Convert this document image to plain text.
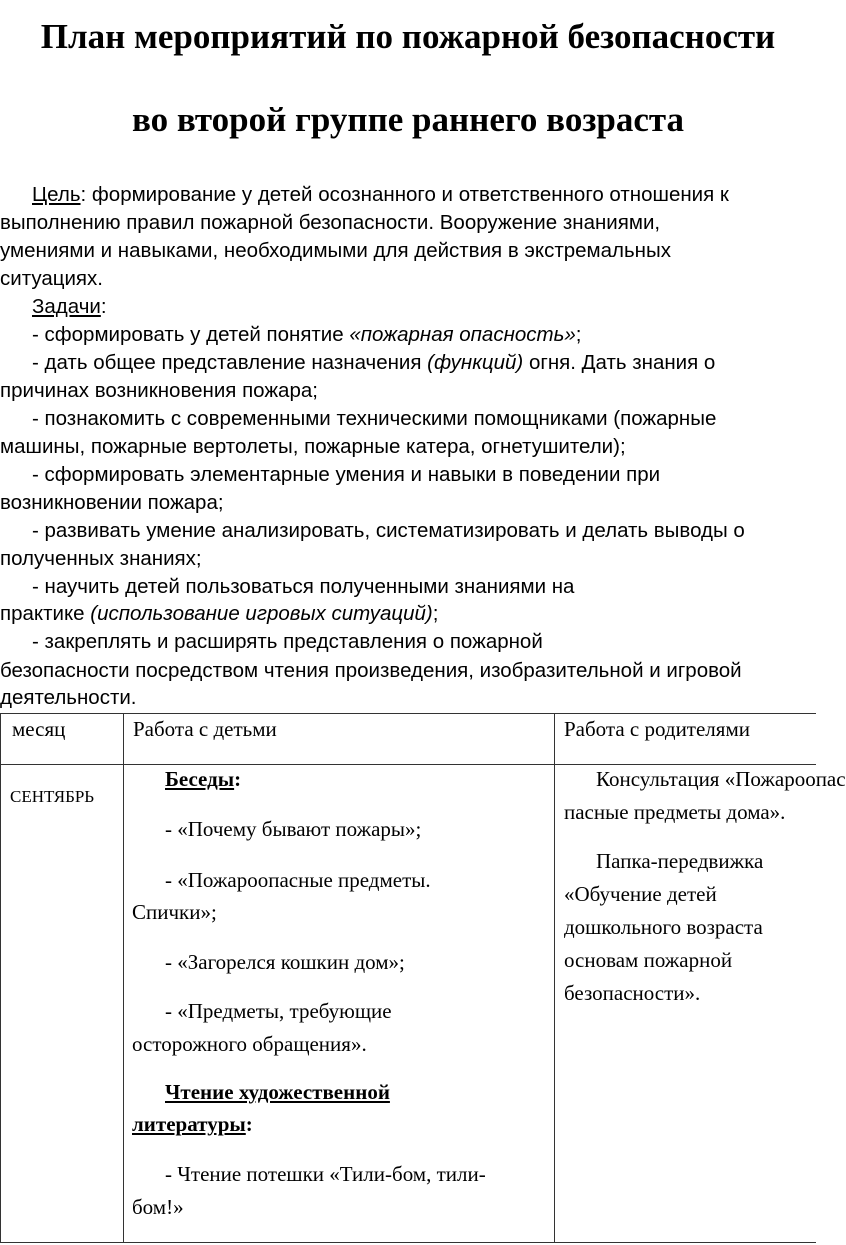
План мероприятий по пожарной безопасности
во второй группе раннего возраста
Цель: формирование у детей осознанного и ответственного отношения к
выполнению правил пожарной безопасности. Вооружение знаниями,
умениями и навыками, необходимыми для действия в экстремальных
ситуациях.
Задачи:
- сформировать у детей понятие «пожарная опасность»;
- дать общее представление назначения (функций) огня. Дать знания о
причинах возникновения пожара;
- познакомить с современными техническими помощниками (пожарные
машины, пожарные вертолеты, пожарные катера, огнетушители);
- сформировать элементарные умения и навыки в поведении при
возникновении пожара;
- развивать умение анализировать, систематизировать и делать выводы о
полученных знаниях;
- научить детей пользоваться полученными знаниями на
практике (использование игровых ситуаций);
- закреплять и расширять представления о пожарной
безопасности посредством чтения произведения, изобразительной и игровой
деятельности.
месяц	Работа с детьми	Работа с родителями
СЕНТЯБРЬ
Беседы:
- «Почему бывают пожары»;
- «Пожароопасные предметы.
Спички»;
- «Загорелся кошкин дом»;
- «Предметы, требующие
осторожного обращения».
Чтение художественной
литературы:
- Чтение потешки «Тили-бом, тили-
бом!»
Консультация «Пожароопас
пасные предметы дома».
Папка-передвижка
«Обучение детей
дошкольного возраста
основам пожарной
безопасности».
